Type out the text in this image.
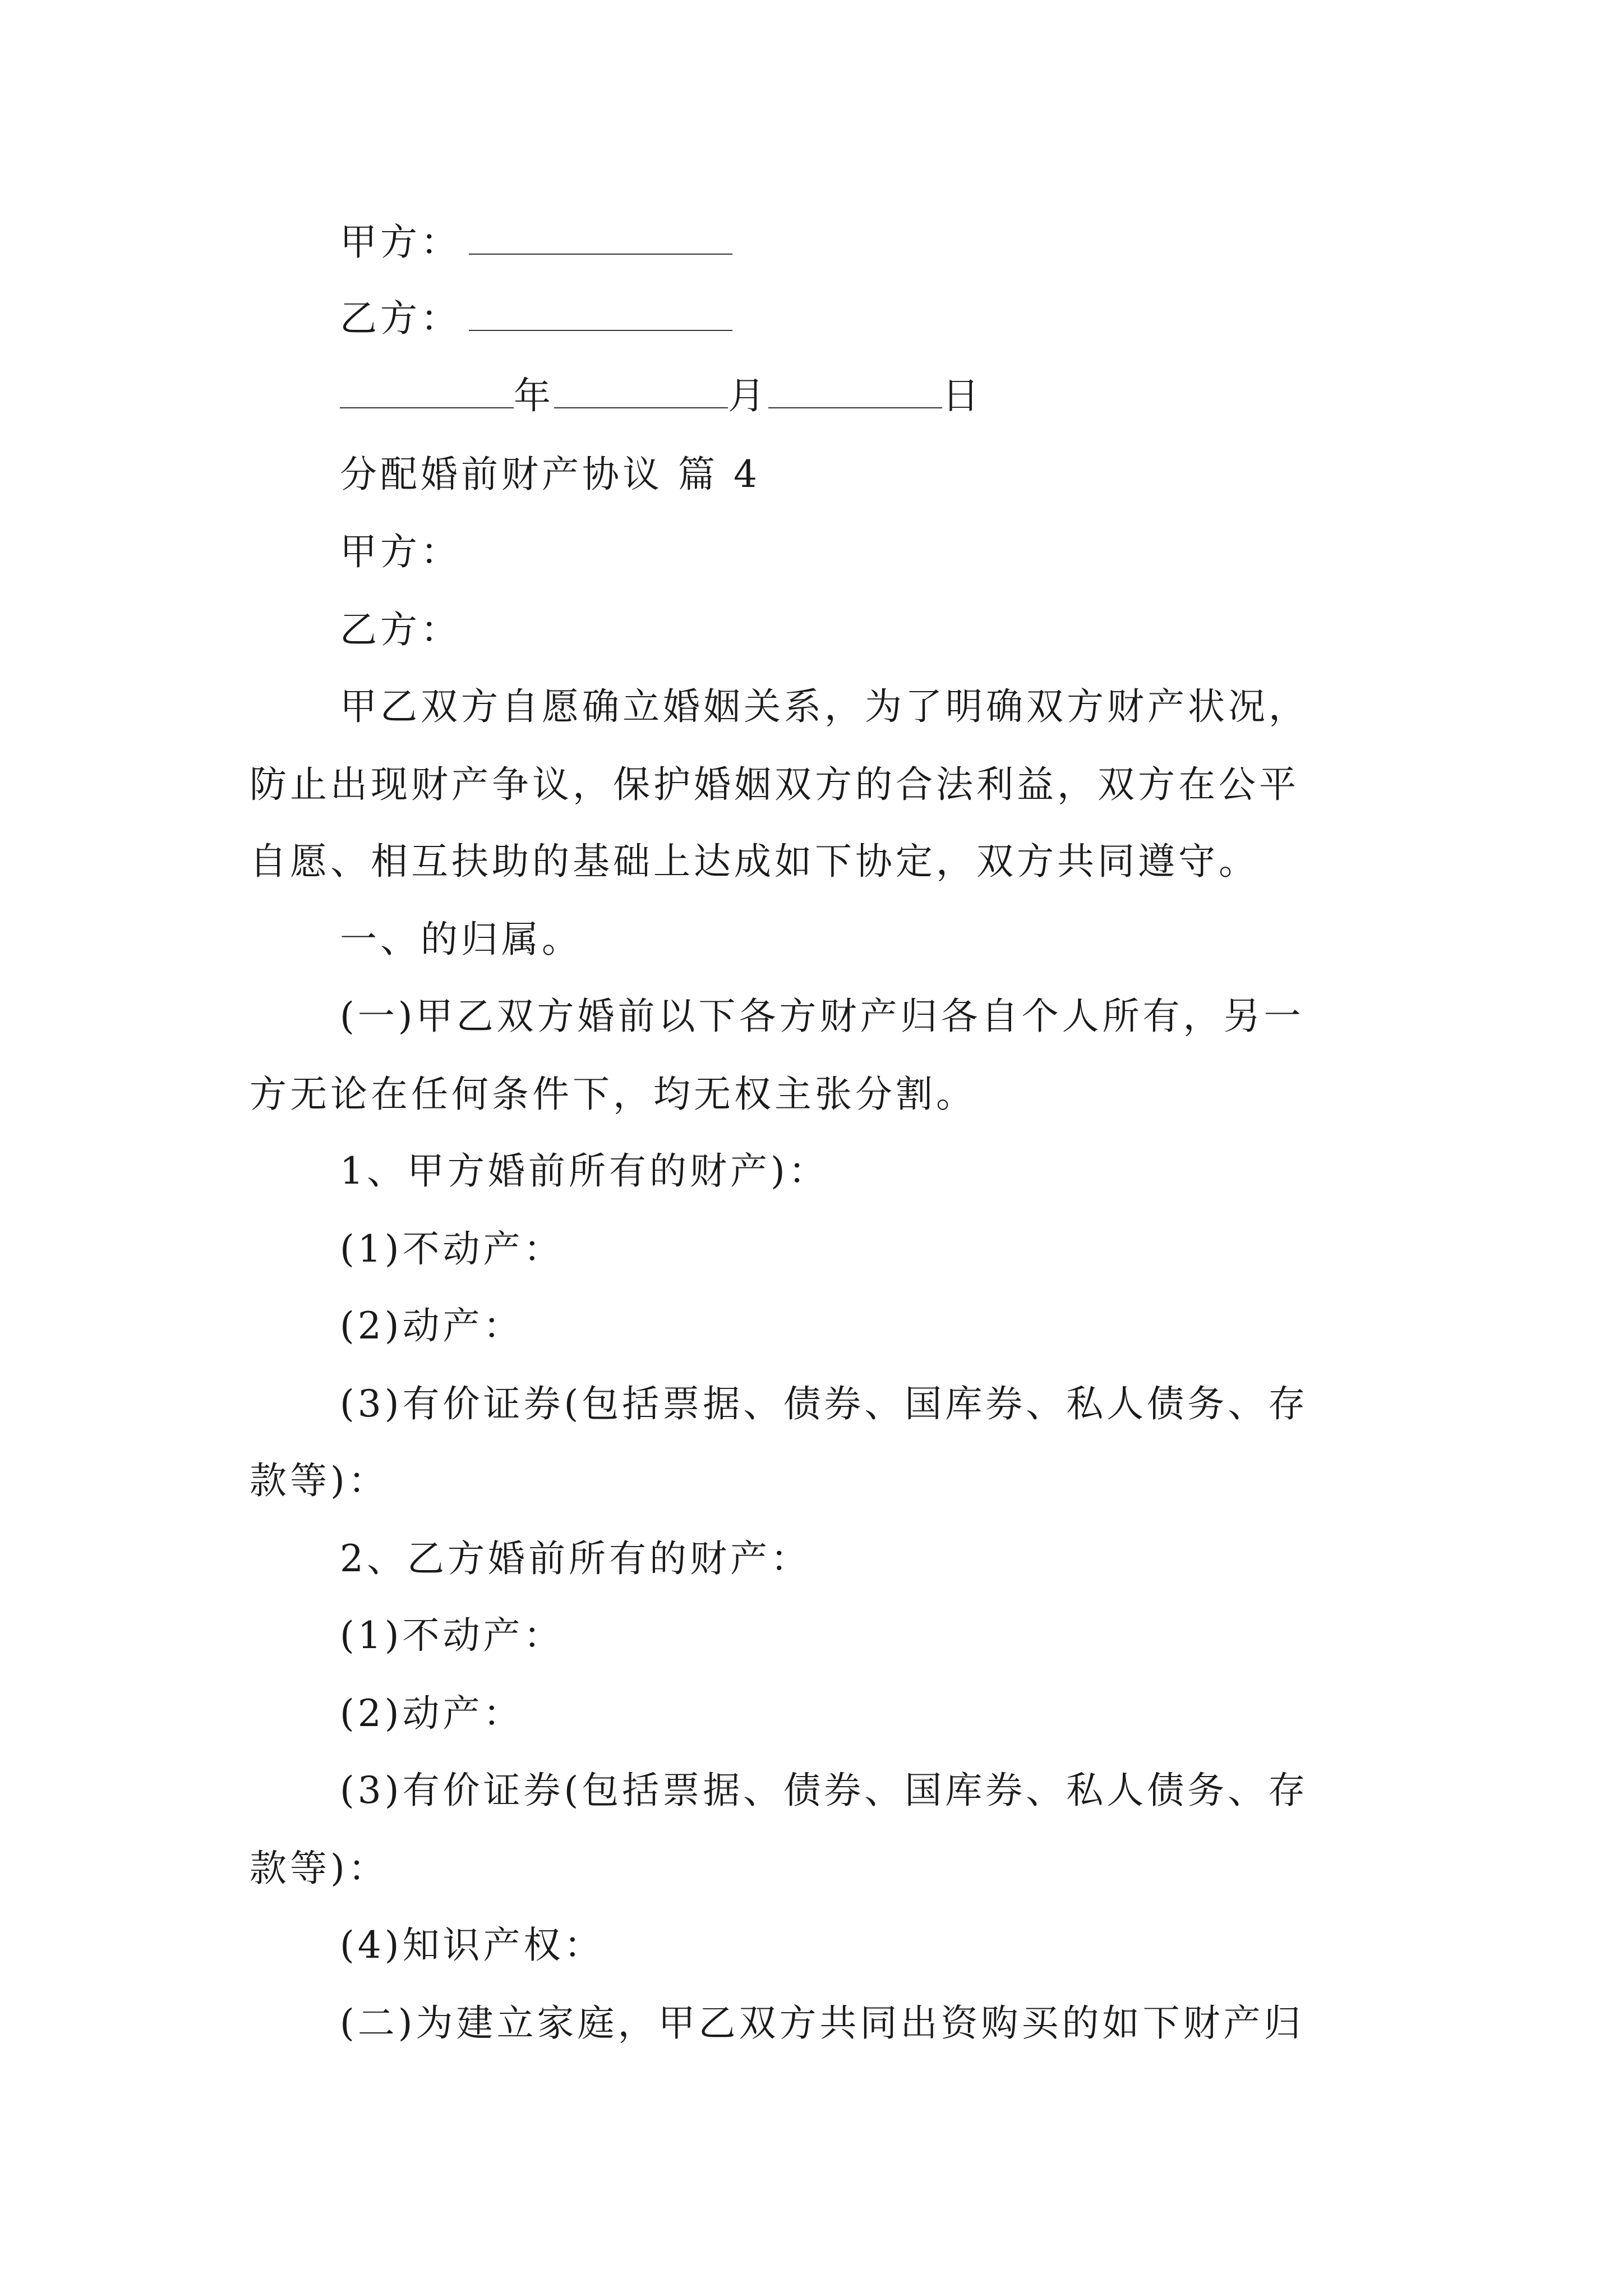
甲方：
乙方：
年	月	日
分配婚前财产协议 篇 4
甲方：
乙方：
甲乙双方自愿确立婚姻关系，为了明确双方财产状况，
防止出现财产争议，保护婚姻双方的合法利益，双方在公平
自愿、相互扶助的基础上达成如下协定，双方共同遵守。
一、的归属。
(一)甲乙双方婚前以下各方财产归各自个人所有，另一
方无论在任何条件下，均无权主张分割。
1、甲方婚前所有的财产)：
(1)不动产：
(2)动产：
(3)有价证券(包括票据、债券、国库券、私人债务、存
款等)：
2、乙方婚前所有的财产：
(1)不动产：
(2)动产：
(3)有价证券(包括票据、债券、国库券、私人债务、存
款等)：
(4)知识产权：
(二)为建立家庭，甲乙双方共同出资购买的如下财产归
